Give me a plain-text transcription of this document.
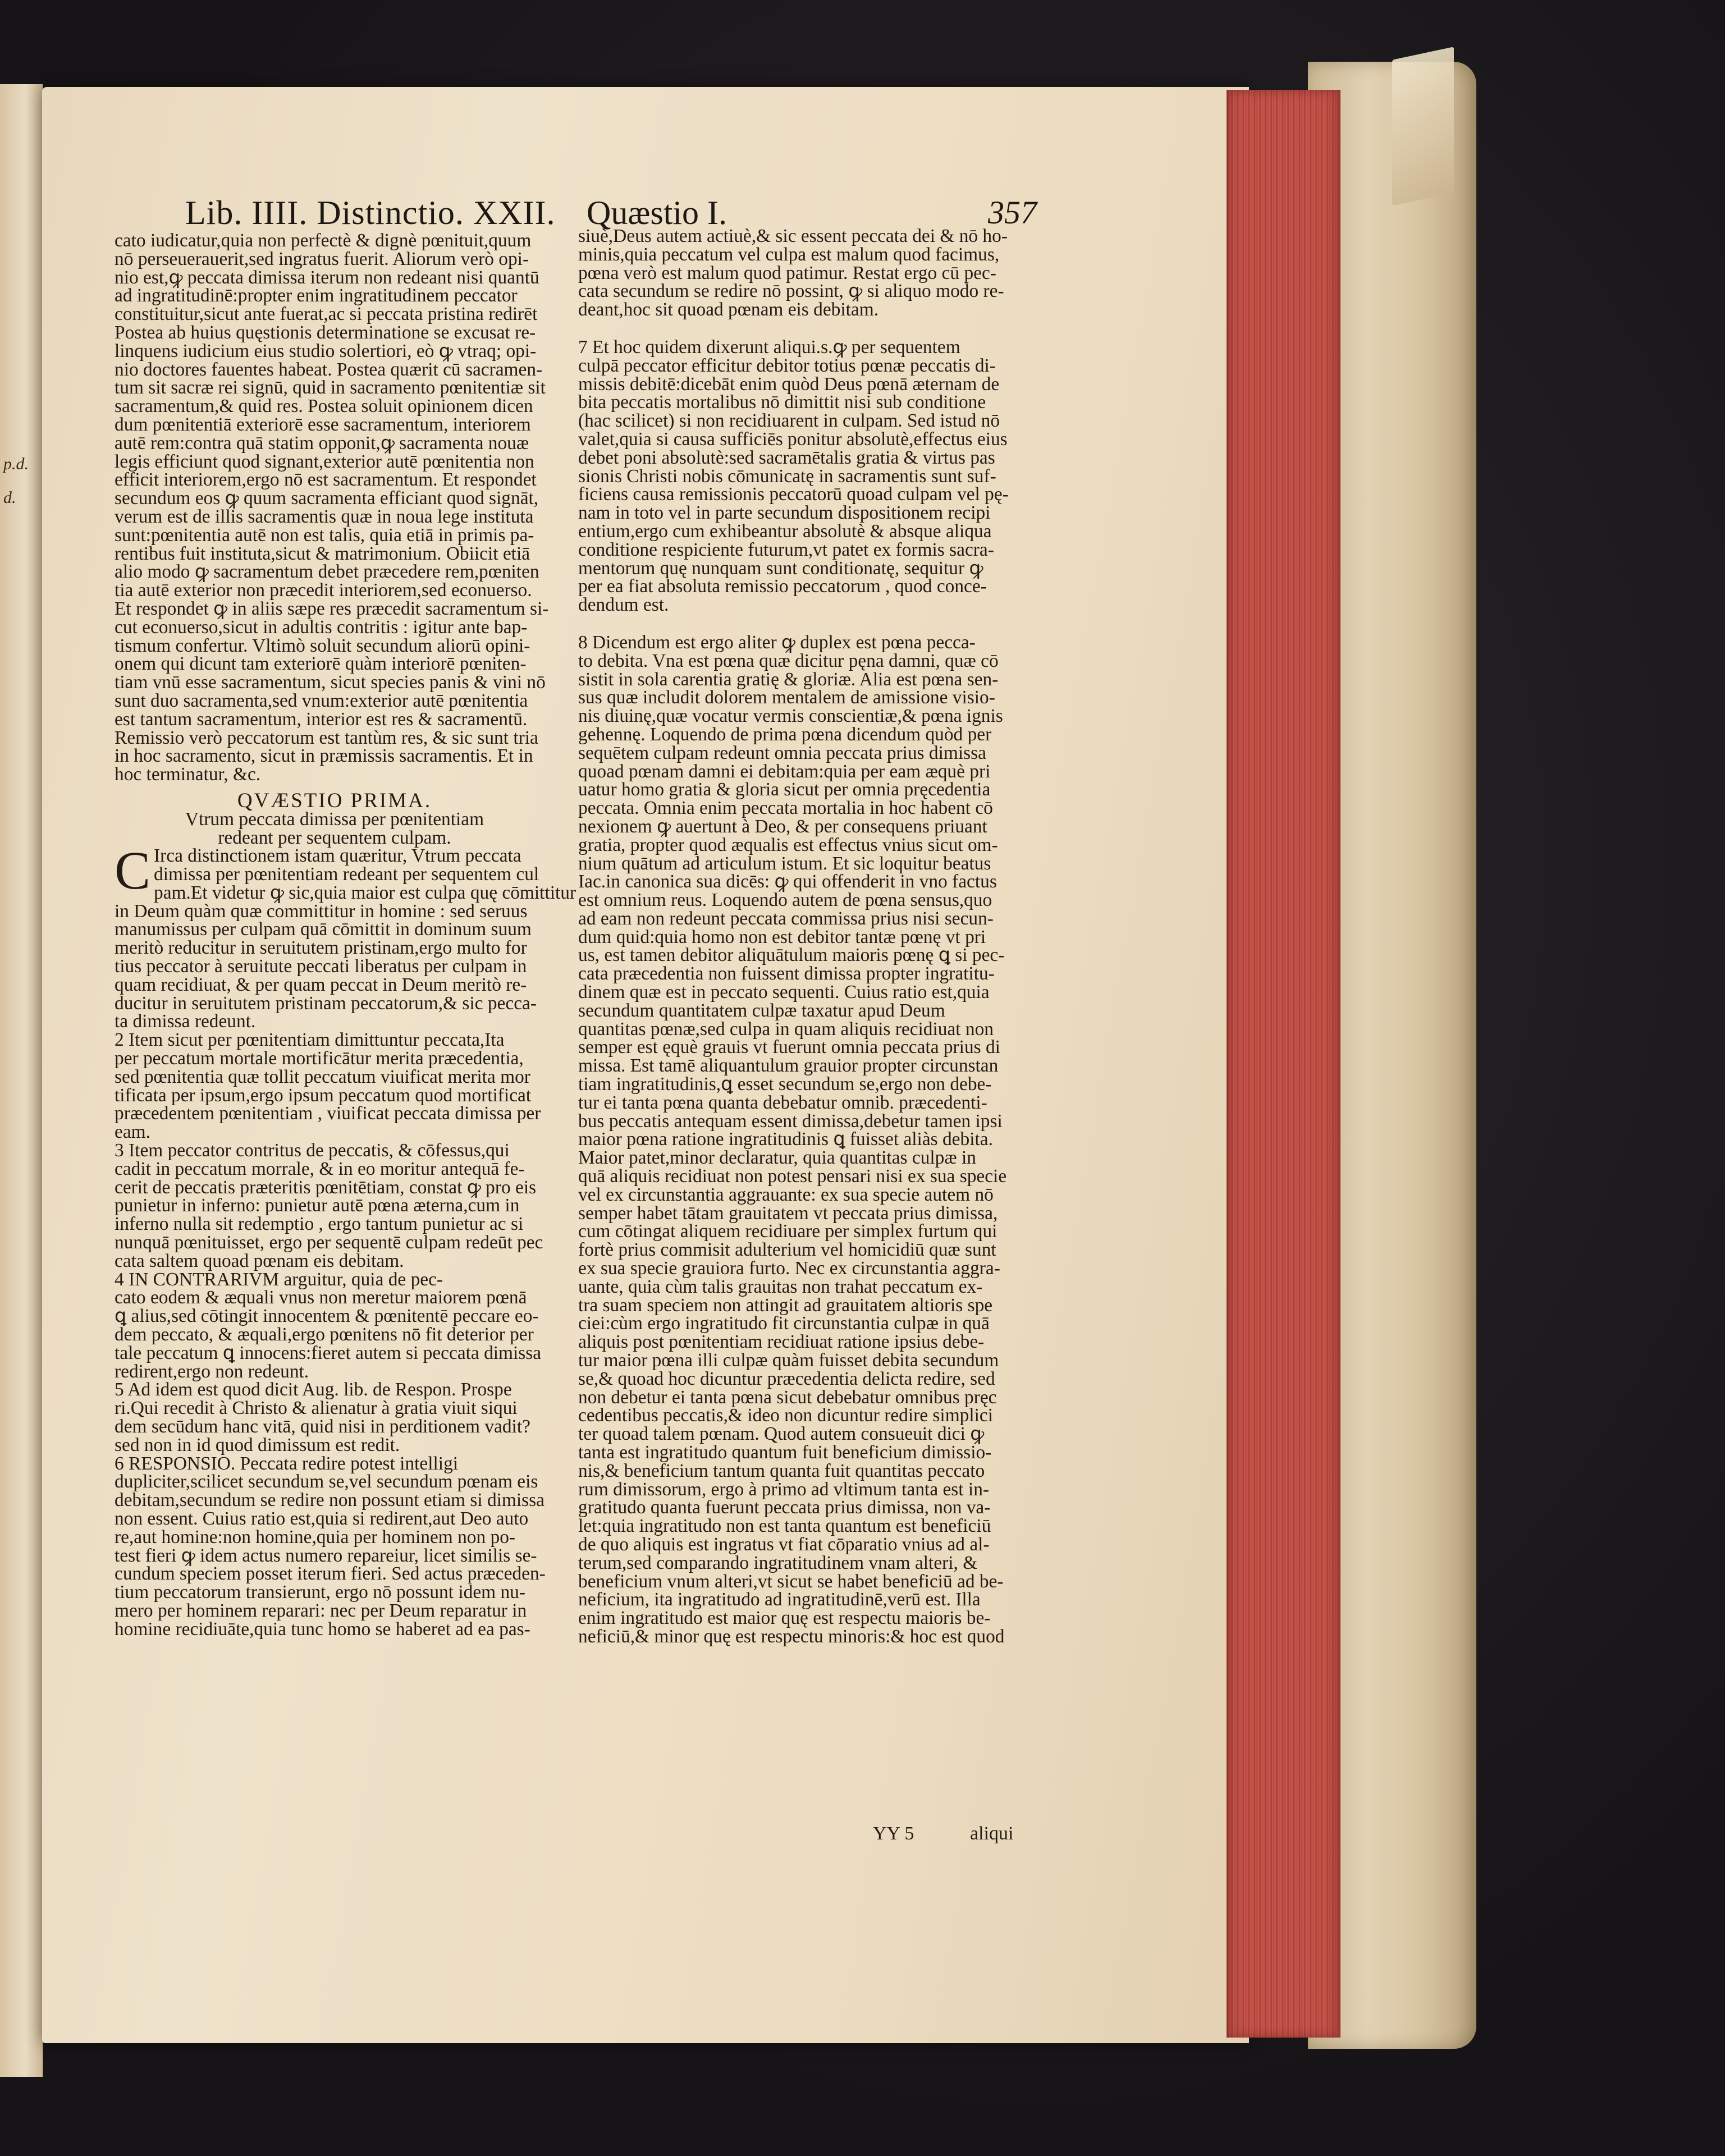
p.d.
d.
Lib. IIII. Distinctio. XXII. Quæstio I.	357
cato iudicatur,quia non perfectè & dignè pœnituit,quum
nō perseuerauerit,sed ingratus fuerit. Aliorum verò opi-
nio est,ꝙ peccata dimissa iterum non redeant nisi quantū
ad ingratitudinē:propter enim ingratitudinem peccator
constituitur,sicut ante fuerat,ac si peccata pristina redirēt
Postea ab huius quęstionis determinatione se excusat re-
linquens iudicium eius studio solertiori, eò ꝙ vtraq; opi-
nio doctores fauentes habeat. Postea quærit cū sacramen-
tum sit sacræ rei signū, quid in sacramento pœnitentiæ sit
sacramentum,& quid res. Postea soluit opinionem dicen
dum pœnitentiā exteriorē esse sacramentum, interiorem
autē rem:contra quā statim opponit,ꝙ sacramenta nouæ
legis efficiunt quod signant,exterior autē pœnitentia non
efficit interiorem,ergo nō est sacramentum. Et respondet
secundum eos ꝙ quum sacramenta efficiant quod signāt,
verum est de illis sacramentis quæ in noua lege instituta
sunt:pœnitentia autē non est talis, quia etiā in primis pa-
rentibus fuit instituta,sicut & matrimonium. Obiicit etiā
alio modo ꝙ sacramentum debet præcedere rem,pœniten
tia autē exterior non præcedit interiorem,sed econuerso.
Et respondet ꝙ in aliis sæpe res præcedit sacramentum si-
cut econuerso,sicut in adultis contritis : igitur ante bap-
tismum confertur. Vltimò soluit secundum aliorū opini-
onem qui dicunt tam exteriorē quàm interiorē pœniten-
tiam vnū esse sacramentum, sicut species panis & vini nō
sunt duo sacramenta,sed vnum:exterior autē pœnitentia
est tantum sacramentum, interior est res & sacramentū.
Remissio verò peccatorum est tantùm res, & sic sunt tria
in hoc sacramento, sicut in præmissis sacramentis. Et in
hoc terminatur, &c.
QVÆSTIO PRIMA.
Vtrum peccata dimissa per pœnitentiam
redeant per sequentem culpam.
C Irca distinctionem istam quæritur, Vtrum peccata
dimissa per pœnitentiam redeant per sequentem cul
pam.Et videtur ꝙ sic,quia maior est culpa quę cōmittitur
in Deum quàm quæ committitur in homine : sed seruus
manumissus per culpam quā cōmittit in dominum suum
meritò reducitur in seruitutem pristinam,ergo multo for
tius peccator à seruitute peccati liberatus per culpam in
quam recidiuat, & per quam peccat in Deum meritò re-
ducitur in seruitutem pristinam peccatorum,& sic pecca-
ta dimissa redeunt.
2 Item sicut per pœnitentiam dimittuntur peccata,Ita
per peccatum mortale mortificātur merita præcedentia,
sed pœnitentia quæ tollit peccatum viuificat merita mor
tificata per ipsum,ergo ipsum peccatum quod mortificat
præcedentem pœnitentiam , viuificat peccata dimissa per
eam.
3 Item peccator contritus de peccatis, & cōfessus,qui
cadit in peccatum morrale, & in eo moritur antequā fe-
cerit de peccatis præteritis pœnitētiam, constat ꝙ pro eis
punietur in inferno: punietur autē pœna æterna,cum in
inferno nulla sit redemptio , ergo tantum punietur ac si
nunquā pœnituisset, ergo per sequentē culpam redeūt pec
cata saltem quoad pœnam eis debitam.
4 IN CONTRARIVM arguitur, quia de pec-
cato eodem & æquali vnus non meretur maiorem pœnā
ꝗ alius,sed cōtingit innocentem & pœnitentē peccare eo-
dem peccato, & æquali,ergo pœnitens nō fit deterior per
tale peccatum ꝗ innocens:fieret autem si peccata dimissa
redirent,ergo non redeunt.
5 Ad idem est quod dicit Aug. lib. de Respon. Prospe
ri.Qui recedit à Christo & alienatur à gratia viuit siqui
dem secūdum hanc vitā, quid nisi in perditionem vadit?
sed non in id quod dimissum est redit.
6 RESPONSIO. Peccata redire potest intelligi
dupliciter,scilicet secundum se,vel secundum pœnam eis
debitam,secundum se redire non possunt etiam si dimissa
non essent. Cuius ratio est,quia si redirent,aut Deo auto
re,aut homine:non homine,quia per hominem non po-
test fieri ꝙ idem actus numero repareiur, licet similis se-
cundum speciem posset iterum fieri. Sed actus præceden-
tium peccatorum transierunt, ergo nō possunt idem nu-
mero per hominem reparari: nec per Deum reparatur in
homine recidiuāte,quia tunc homo se haberet ad ea pas-
siuè,Deus autem actiuè,& sic essent peccata dei & nō ho-
minis,quia peccatum vel culpa est malum quod facimus,
pœna verò est malum quod patimur. Restat ergo cū pec-
cata secundum se redire nō possint, ꝙ si aliquo modo re-
deant,hoc sit quoad pœnam eis debitam.
7 Et hoc quidem dixerunt aliqui.s.ꝙ per sequentem
culpā peccator efficitur debitor totius pœnæ peccatis di-
missis debitē:dicebāt enim quòd Deus pœnā æternam de
bita peccatis mortalibus nō dimittit nisi sub conditione
(hac scilicet) si non recidiuarent in culpam. Sed istud nō
valet,quia si causa sufficiēs ponitur absolutè,effectus eius
debet poni absolutè:sed sacramētalis gratia & virtus pas
sionis Christi nobis cōmunicatę in sacramentis sunt suf-
ficiens causa remissionis peccatorū quoad culpam vel pę-
nam in toto vel in parte secundum dispositionem recipi
entium,ergo cum exhibeantur absolutè & absque aliqua
conditione respiciente futurum,vt patet ex formis sacra-
mentorum quę nunquam sunt conditionatę, sequitur ꝙ
per ea fiat absoluta remissio peccatorum , quod conce-
dendum est.
8 Dicendum est ergo aliter ꝙ duplex est pœna pecca-
to debita. Vna est pœna quæ dicitur pęna damni, quæ cō
sistit in sola carentia gratię & gloriæ. Alia est pœna sen-
sus quæ includit dolorem mentalem de amissione visio-
nis diuinę,quæ vocatur vermis conscientiæ,& pœna ignis
gehennę. Loquendo de prima pœna dicendum quòd per
sequētem culpam redeunt omnia peccata prius dimissa
quoad pœnam damni ei debitam:quia per eam æquè pri
uatur homo gratia & gloria sicut per omnia pręcedentia
peccata. Omnia enim peccata mortalia in hoc habent cō
nexionem ꝙ auertunt à Deo, & per consequens priuant
gratia, propter quod æqualis est effectus vnius sicut om-
nium quātum ad articulum istum. Et sic loquitur beatus
Iac.in canonica sua dicēs: ꝙ qui offenderit in vno factus
est omnium reus. Loquendo autem de pœna sensus,quo
ad eam non redeunt peccata commissa prius nisi secun-
dum quid:quia homo non est debitor tantæ pœnę vt pri
us, est tamen debitor aliquātulum maioris pœnę ꝗ si pec-
cata præcedentia non fuissent dimissa propter ingratitu-
dinem quæ est in peccato sequenti. Cuius ratio est,quia
secundum quantitatem culpæ taxatur apud Deum
quantitas pœnæ,sed culpa in quam aliquis recidiuat non
semper est ęquè grauis vt fuerunt omnia peccata prius di
missa. Est tamē aliquantulum grauior propter circunstan
tiam ingratitudinis,ꝗ esset secundum se,ergo non debe-
tur ei tanta pœna quanta debebatur omnib. præcedenti-
bus peccatis antequam essent dimissa,debetur tamen ipsi
maior pœna ratione ingratitudinis ꝗ fuisset aliàs debita.
Maior patet,minor declaratur, quia quantitas culpæ in
quā aliquis recidiuat non potest pensari nisi ex sua specie
vel ex circunstantia aggrauante: ex sua specie autem nō
semper habet tātam grauitatem vt peccata prius dimissa,
cum cōtingat aliquem recidiuare per simplex furtum qui
fortè prius commisit adulterium vel homicidiū quæ sunt
ex sua specie grauiora furto. Nec ex circunstantia aggra-
uante, quia cùm talis grauitas non trahat peccatum ex-
tra suam speciem non attingit ad grauitatem altioris spe
ciei:cùm ergo ingratitudo fit circunstantia culpæ in quā
aliquis post pœnitentiam recidiuat ratione ipsius debe-
tur maior pœna illi culpæ quàm fuisset debita secundum
se,& quoad hoc dicuntur præcedentia delicta redire, sed
non debetur ei tanta pœna sicut debebatur omnibus pręc
cedentibus peccatis,& ideo non dicuntur redire simplici
ter quoad talem pœnam. Quod autem consueuit dici ꝙ
tanta est ingratitudo quantum fuit beneficium dimissio-
nis,& beneficium tantum quanta fuit quantitas peccato
rum dimissorum, ergo à primo ad vltimum tanta est in-
gratitudo quanta fuerunt peccata prius dimissa, non va-
let:quia ingratitudo non est tanta quantum est beneficiū
de quo aliquis est ingratus vt fiat cōparatio vnius ad al-
terum,sed comparando ingratitudinem vnam alteri, &
beneficium vnum alteri,vt sicut se habet beneficiū ad be-
neficium, ita ingratitudo ad ingratitudinē,verū est. Illa
enim ingratitudo est maior quę est respectu maioris be-
neficiū,& minor quę est respectu minoris:& hoc est quod
YY 5	aliqui
